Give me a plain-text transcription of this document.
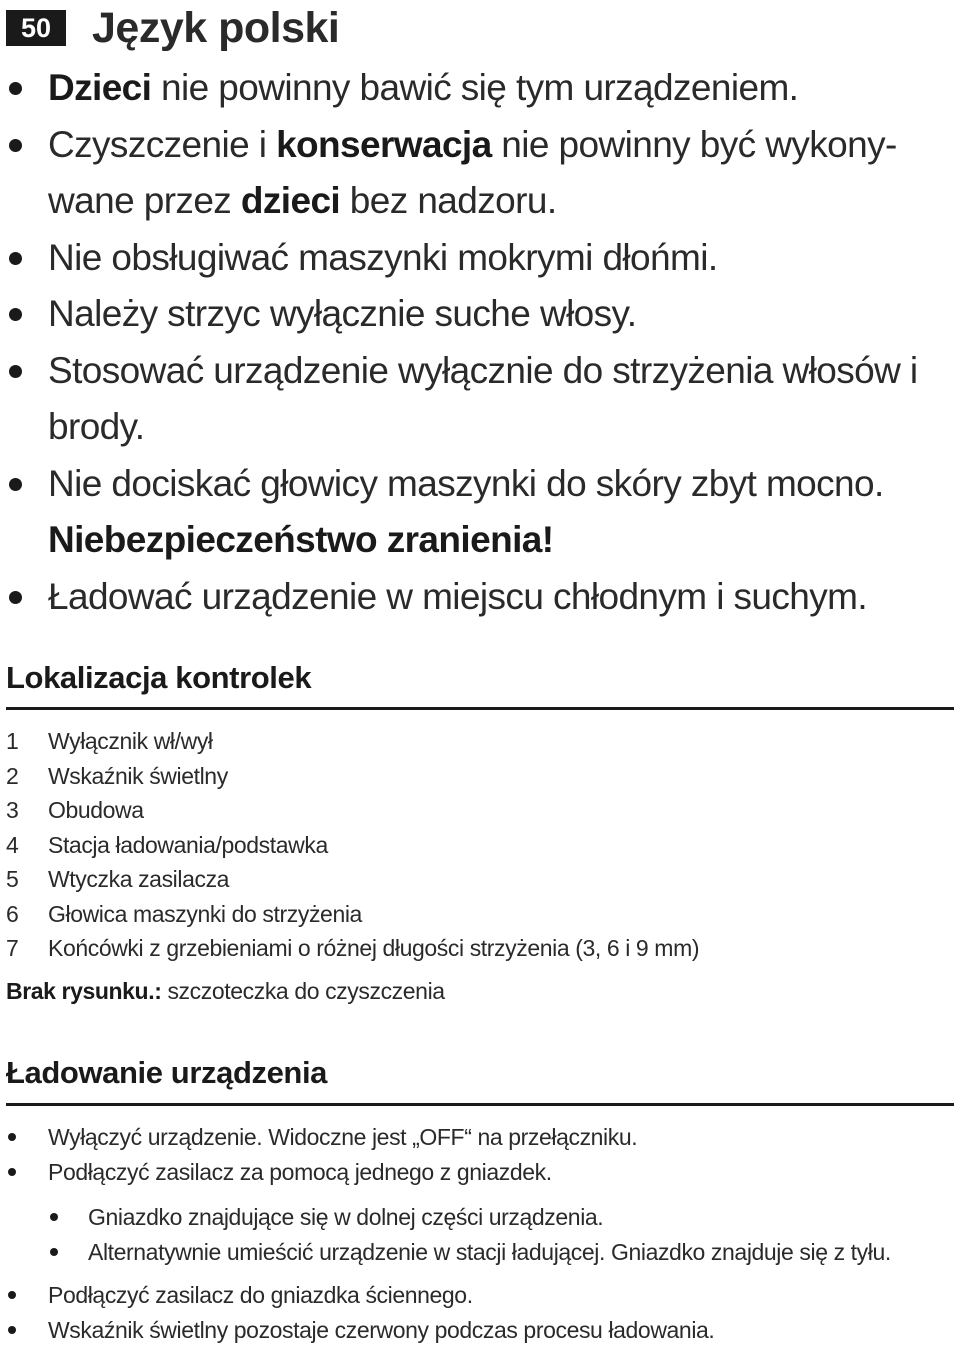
50 Język polski
Dzieci nie powinny bawić się tym urządzeniem.
Czyszczenie i konserwacja nie powinny być wykony-wane przez dzieci bez nadzoru.
Nie obsługiwać maszynki mokrymi dłońmi.
Należy strzyc wyłącznie suche włosy.
Stosować urządzenie wyłącznie do strzyżenia włosów i brody.
Nie dociskać głowicy maszynki do skóry zbyt mocno.
Niebezpieczeństwo zranienia!
Ładować urządzenie w miejscu chłodnym i suchym.
Lokalizacja kontrolek
1 Wyłącznik wł/wył
2 Wskaźnik świetlny
3 Obudowa
4 Stacja ładowania/podstawka
5 Wtyczka zasilacza
6 Głowica maszynki do strzyżenia
7 Końcówki z grzebieniami o różnej długości strzyżenia (3, 6 i 9 mm)
Brak rysunku.: szczoteczka do czyszczenia
Ładowanie urządzenia
Wyłączyć urządzenie. Widoczne jest „OFF“ na przełączniku.
Podłączyć zasilacz za pomocą jednego z gniazdek.
Gniazdko znajdujące się w dolnej części urządzenia.
Alternatywnie umieścić urządzenie w stacji ładującej. Gniazdko znajduje się z tyłu.
Podłączyć zasilacz do gniazdka ściennego.
Wskaźnik świetlny pozostaje czerwony podczas procesu ładowania.
